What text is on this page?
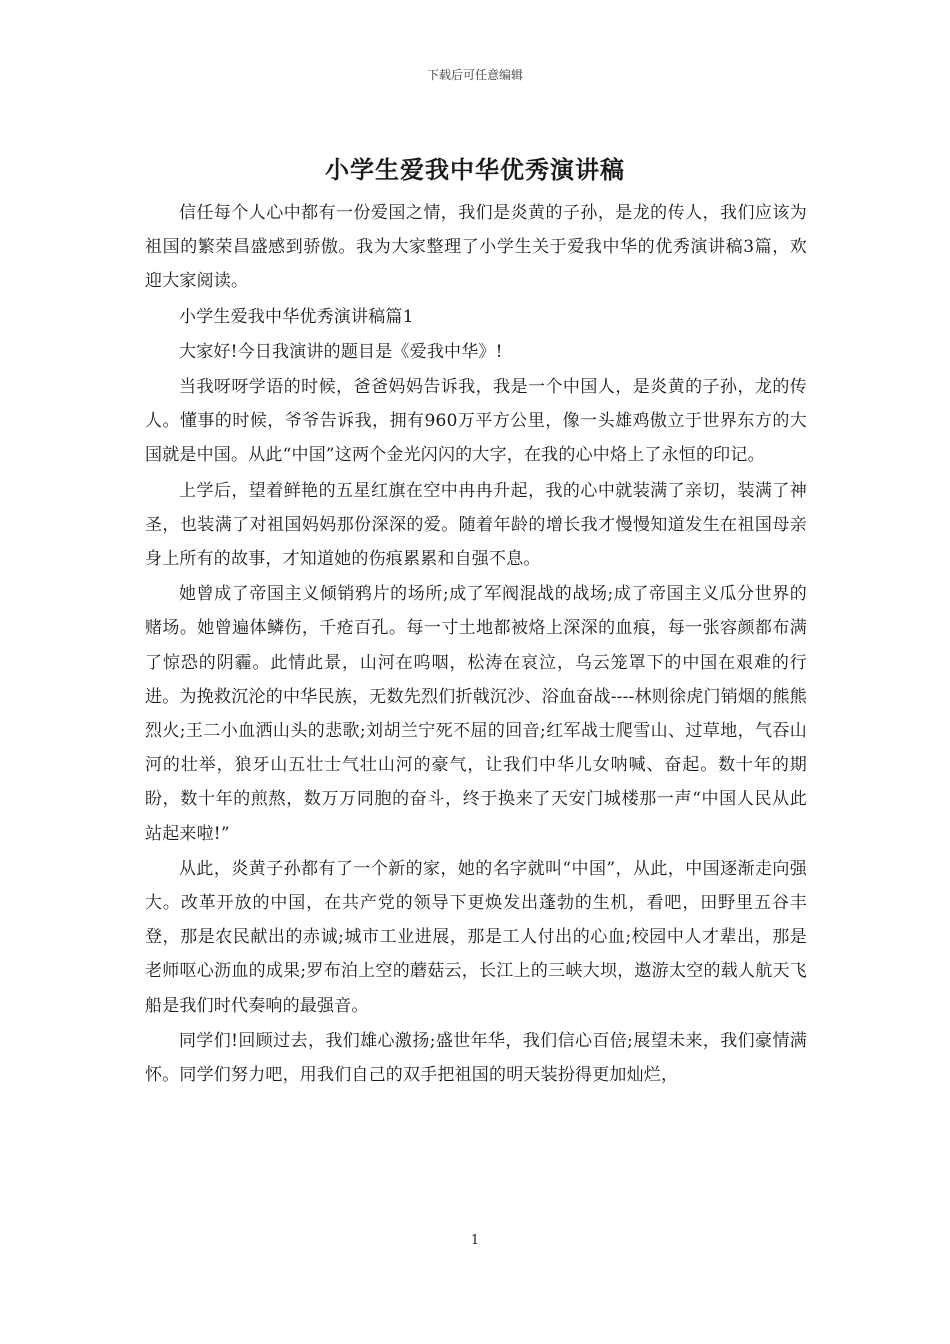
下载后可任意编辑
小学生爱我中华优秀演讲稿

信任每个人心中都有一份爱国之情，我们是炎黄的子孙，是龙的传人，我们应该为祖国的繁荣昌盛感到骄傲。我为大家整理了小学生关于爱我中华的优秀演讲稿3篇，欢迎大家阅读。

小学生爱我中华优秀演讲稿篇1

大家好!今日我演讲的题目是《爱我中华》!

当我呀呀学语的时候，爸爸妈妈告诉我，我是一个中国人，是炎黄的子孙，龙的传人。懂事的时候，爷爷告诉我，拥有960万平方公里，像一头雄鸡傲立于世界东方的大国就是中国。从此“中国”这两个金光闪闪的大字，在我的心中烙上了永恒的印记。

上学后，望着鲜艳的五星红旗在空中冉冉升起，我的心中就装满了亲切，装满了神圣，也装满了对祖国妈妈那份深深的爱。随着年龄的增长我才慢慢知道发生在祖国母亲身上所有的故事，才知道她的伤痕累累和自强不息。

她曾成了帝国主义倾销鸦片的场所;成了军阀混战的战场;成了帝国主义瓜分世界的赌场。她曾遍体鳞伤，千疮百孔。每一寸土地都被烙上深深的血痕，每一张容颜都布满了惊恐的阴霾。此情此景，山河在呜咽，松涛在哀泣，乌云笼罩下的中国在艰难的行进。为挽救沉沦的中华民族，无数先烈们折戟沉沙、浴血奋战----林则徐虎门销烟的熊熊烈火;王二小血洒山头的悲歌;刘胡兰宁死不屈的回音;红军战士爬雪山、过草地，气吞山河的壮举，狼牙山五壮士气壮山河的豪气，让我们中华儿女呐喊、奋起。数十年的期盼，数十年的煎熬，数万万同胞的奋斗，终于换来了天安门城楼那一声“中国人民从此站起来啦!”

从此，炎黄子孙都有了一个新的家，她的名字就叫“中国”，从此，中国逐渐走向强大。改革开放的中国，在共产党的领导下更焕发出蓬勃的生机，看吧，田野里五谷丰登，那是农民献出的赤诚;城市工业进展，那是工人付出的心血;校园中人才辈出，那是老师呕心沥血的成果;罗布泊上空的蘑菇云，长江上的三峡大坝，遨游太空的载人航天飞船是我们时代奏响的最强音。

同学们!回顾过去，我们雄心激扬;盛世年华，我们信心百倍;展望未来，我们豪情满怀。同学们努力吧，用我们自己的双手把祖国的明天装扮得更加灿烂，

1
